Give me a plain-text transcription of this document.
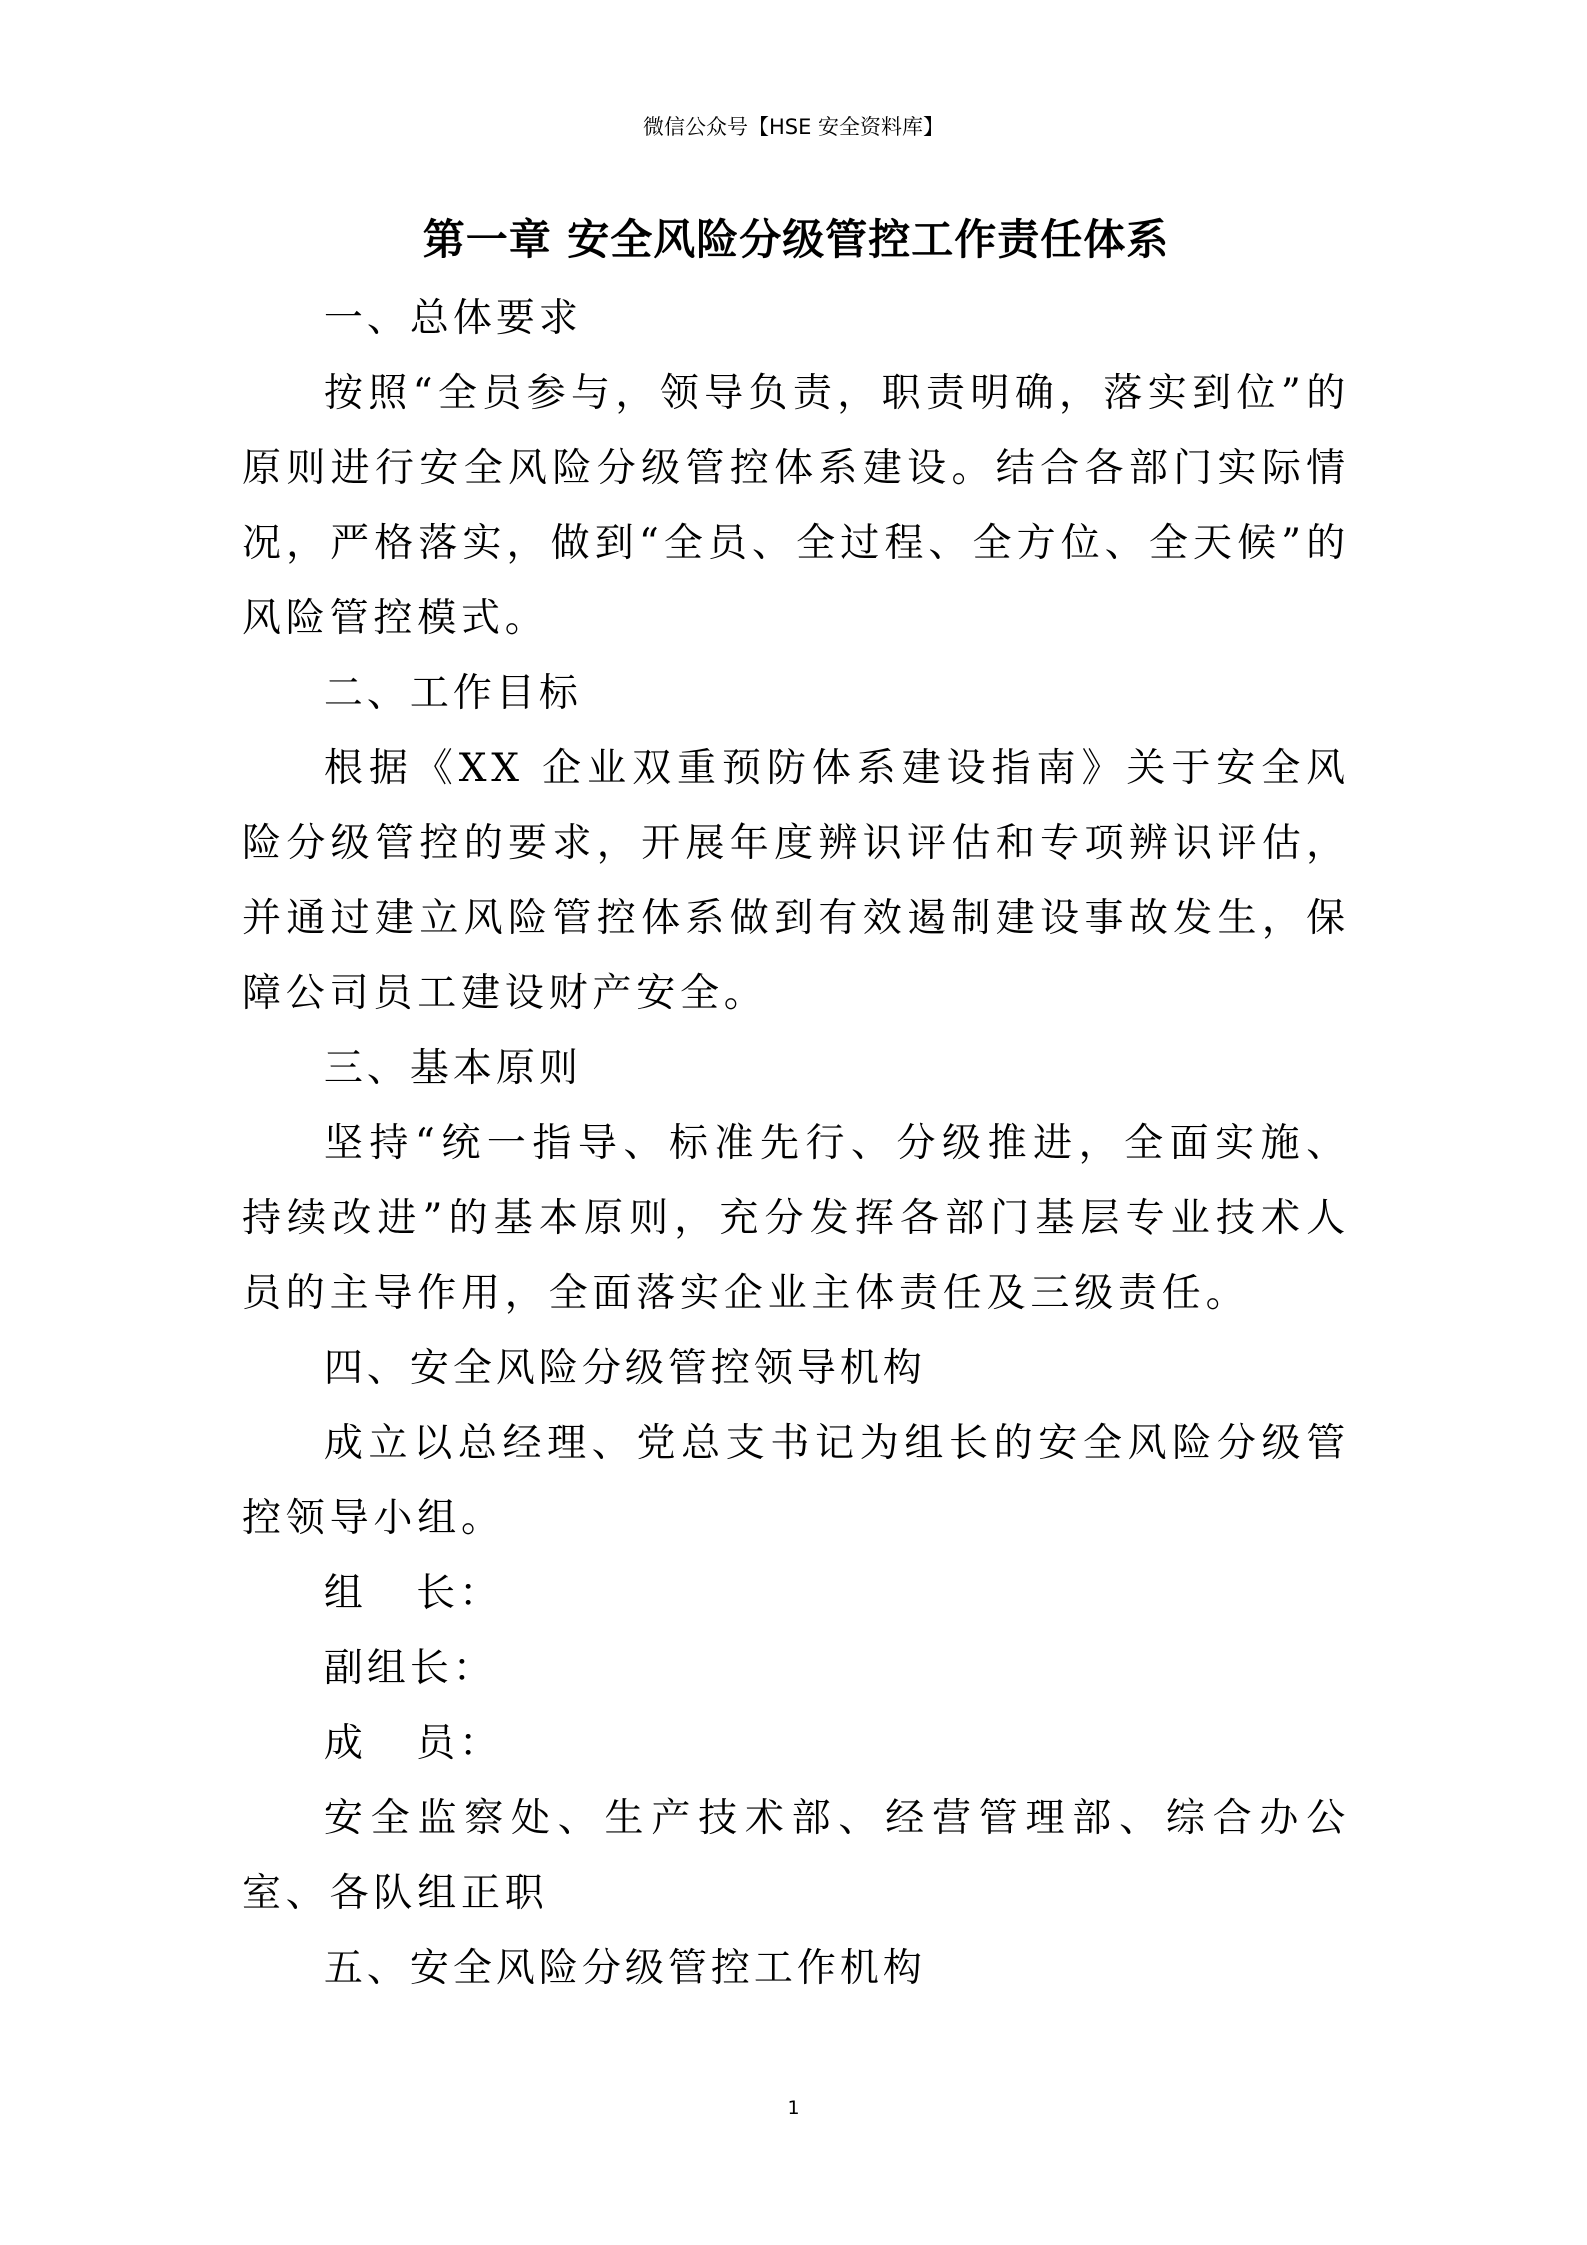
微信公众号【HSE 安全资料库】
第一章 安全风险分级管控工作责任体系

一、总体要求

按照“全员参与，领导负责，职责明确，落实到位”的原则进行安全风险分级管控体系建设。结合各部门实际情况，严格落实，做到“全员、全过程、全方位、全天候”的风险管控模式。

二、工作目标

根据《XX 企业双重预防体系建设指南》关于安全风险分级管控的要求，开展年度辨识评估和专项辨识评估，并通过建立风险管控体系做到有效遏制建设事故发生，保障公司员工建设财产安全。

三、基本原则

坚持“统一指导、标准先行、分级推进，全面实施、持续改进”的基本原则，充分发挥各部门基层专业技术人员的主导作用，全面落实企业主体责任及三级责任。

四、安全风险分级管控领导机构

成立以总经理、党总支书记为组长的安全风险分级管控领导小组。

组   长：

副组长：

成   员：

安全监察处、生产技术部、经营管理部、综合办公室、各队组正职

五、安全风险分级管控工作机构

1
